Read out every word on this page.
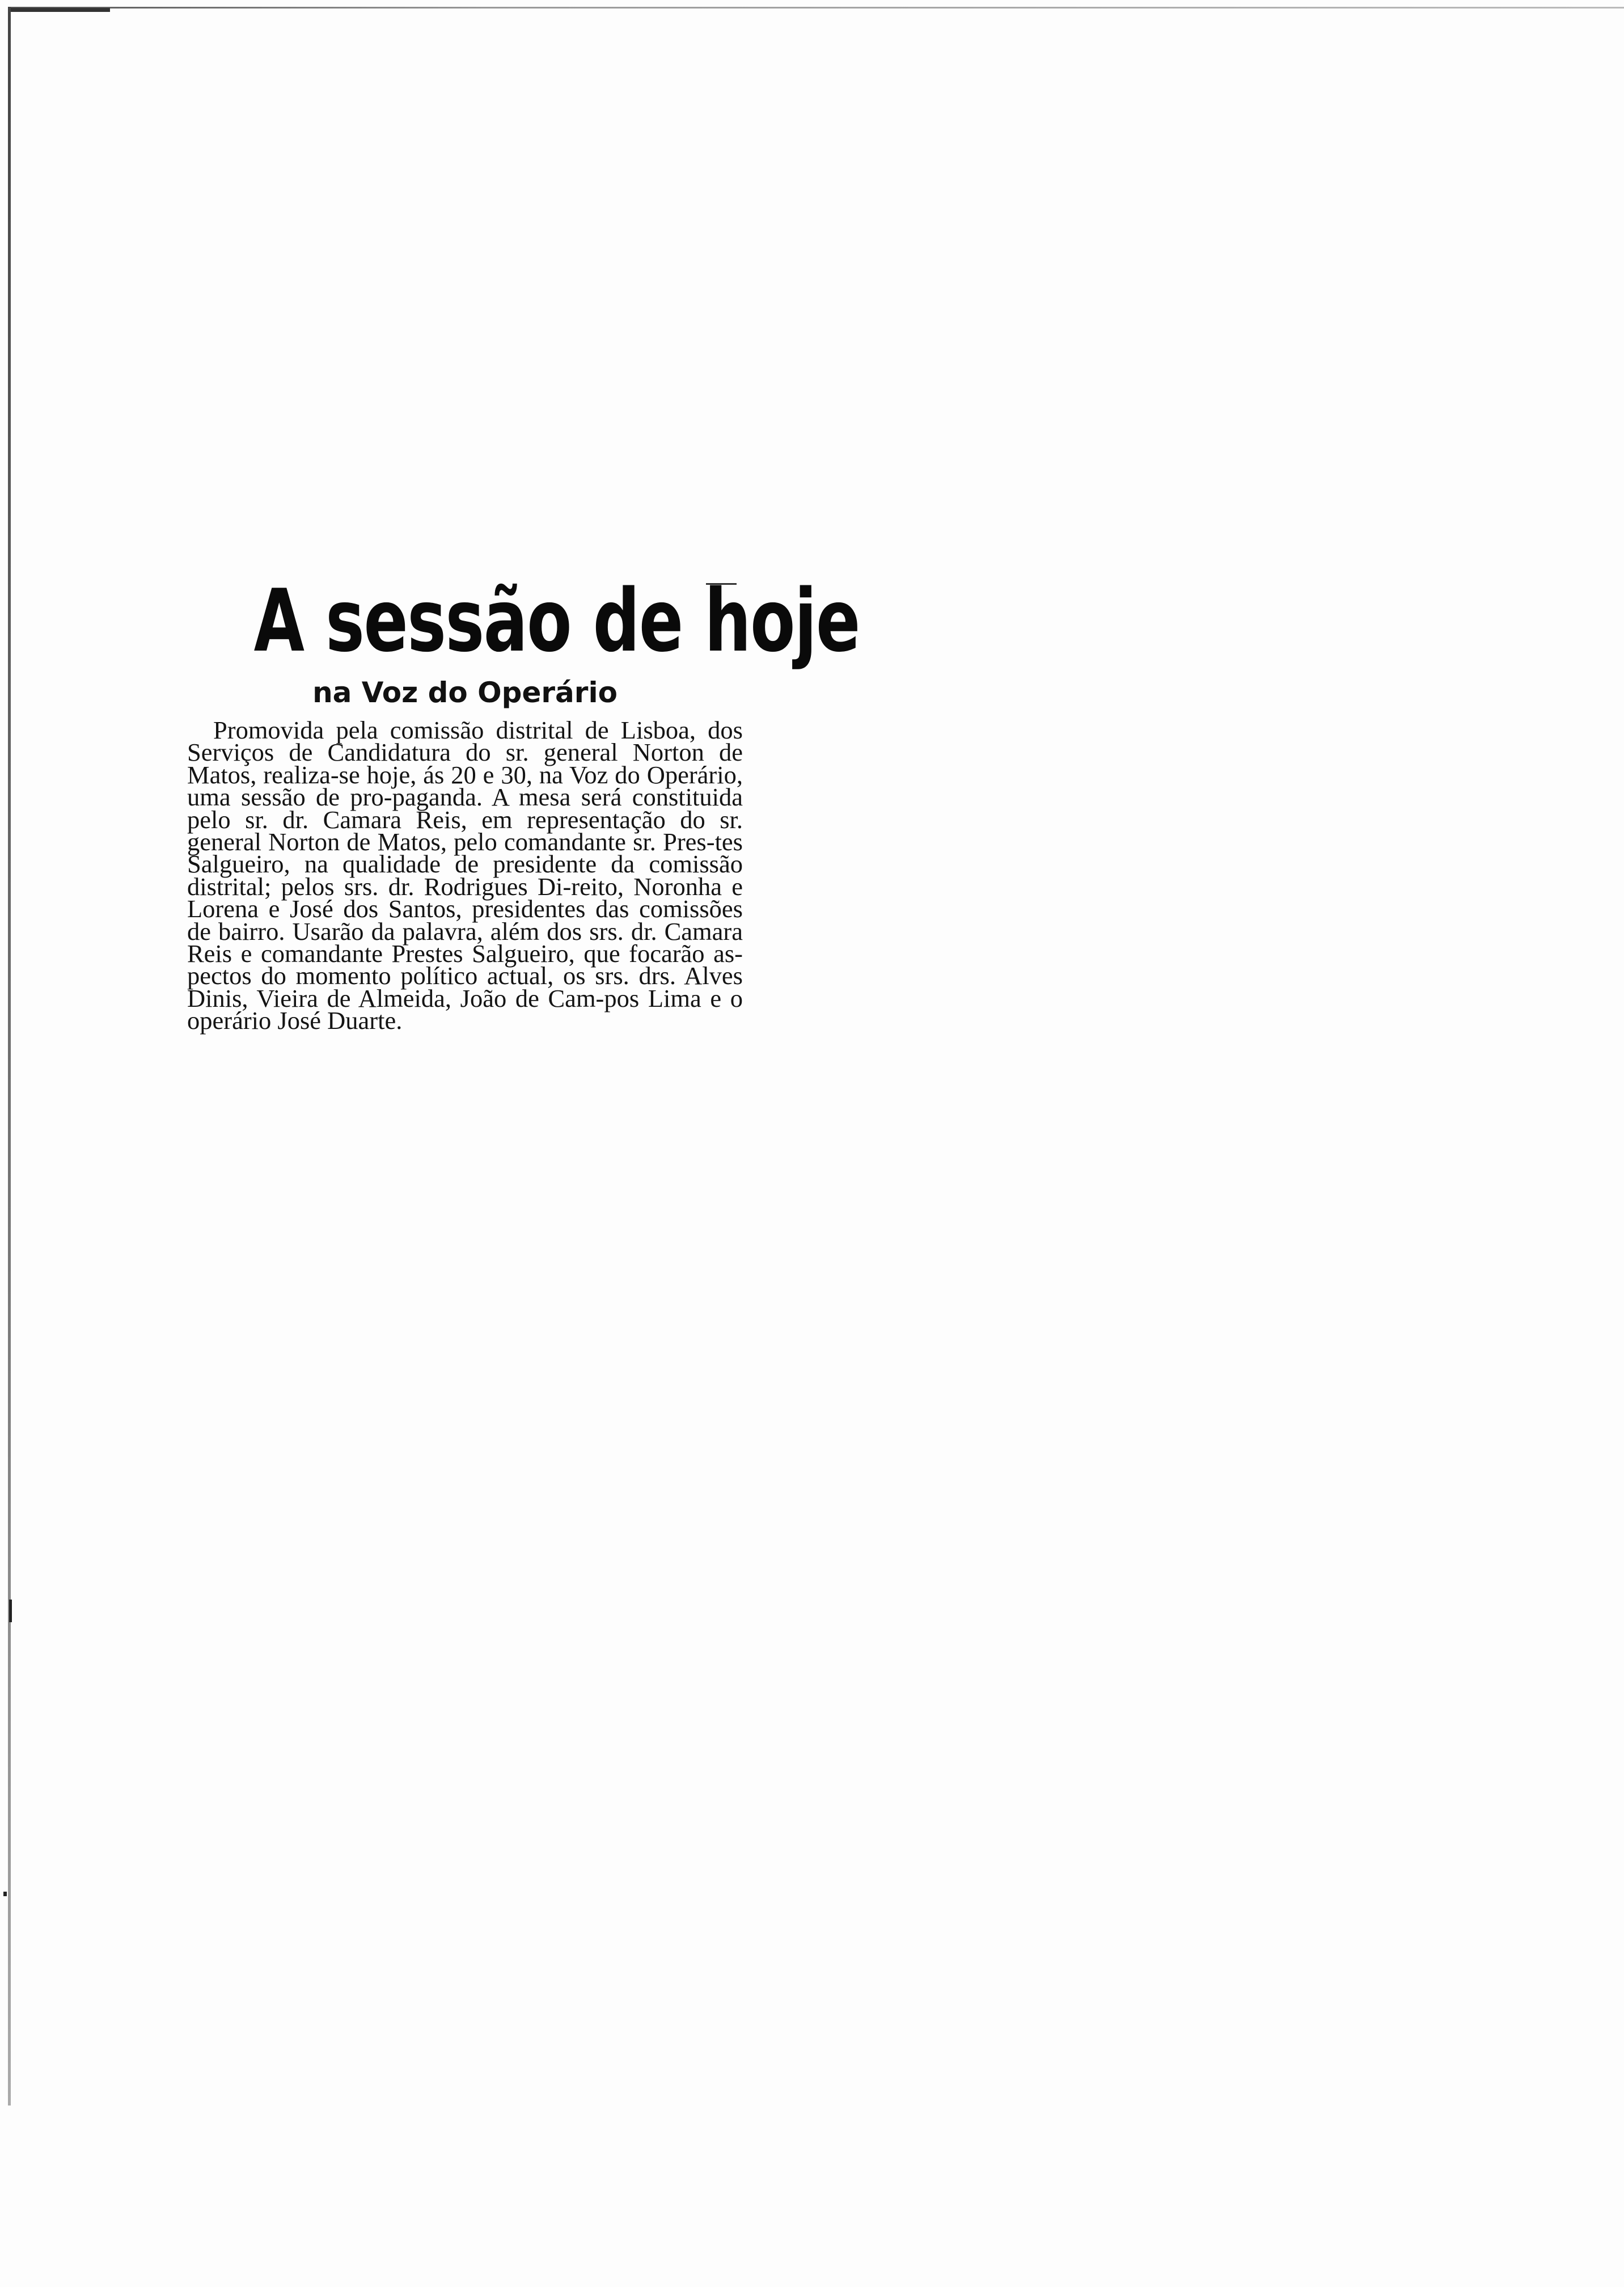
A sessão de hoje
na Voz do Operário

Promovida pela comissão distrital de Lisboa, dos Serviços de Candidatura do sr. general Norton de Matos, realiza-se hoje, ás 20 e 30, na Voz do Operário, uma sessão de pro-paganda. A mesa será constituida pelo sr. dr. Camara Reis, em representação do sr. general Norton de Matos, pelo comandante sr. Pres-tes Salgueiro, na qualidade de presidente da comissão distrital; pelos srs. dr. Rodrigues Di-reito, Noronha e Lorena e José dos Santos, presidentes das comissões de bairro. Usarão da palavra, além dos srs. dr. Camara Reis e comandante Prestes Salgueiro, que focarão as-pectos do momento político actual, os srs. drs. Alves Dinis, Vieira de Almeida, João de Cam-pos Lima e o operário José Duarte.
